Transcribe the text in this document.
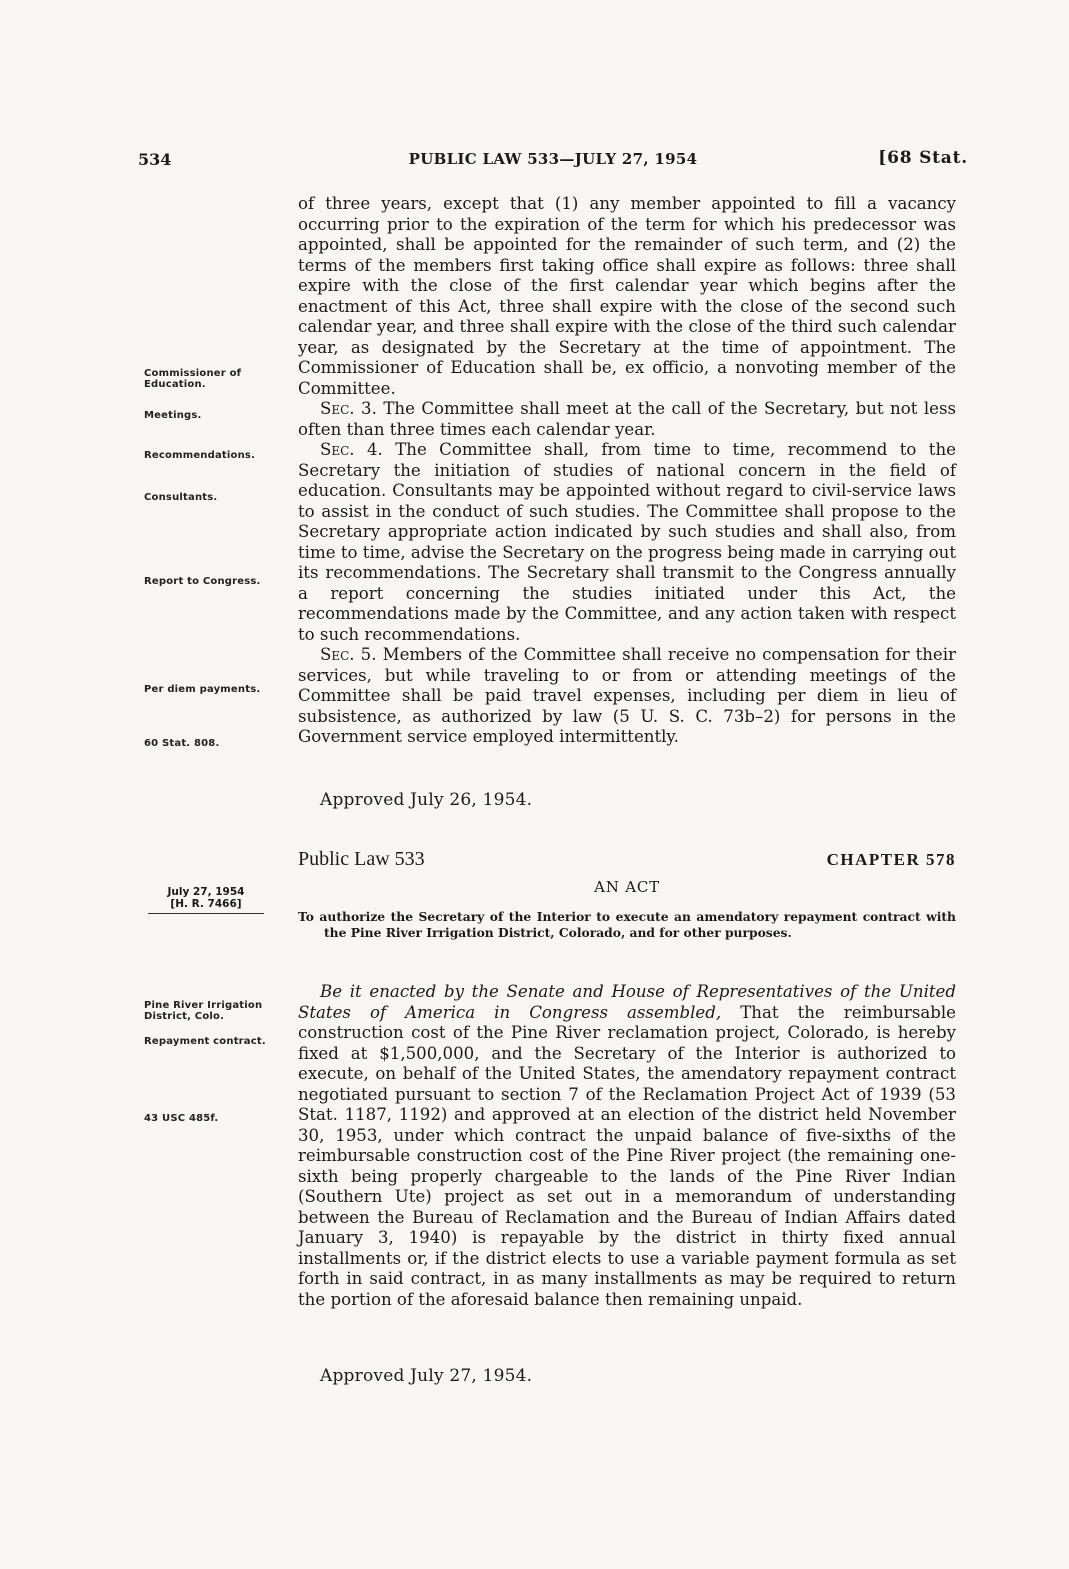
534	PUBLIC LAW 533—JULY 27, 1954	[68 Stat.

of three years, except that (1) any member appointed to fill a vacancy occurring prior to the expiration of the term for which his predecessor was appointed, shall be appointed for the remainder of such term, and (2) the terms of the members first taking office shall expire as follows: three shall expire with the close of the first calendar year which begins after the enactment of this Act, three shall expire with the close of the second such calendar year, and three shall expire with the close of the third such calendar year, as designated by the Secretary at the time of appointment. The Commissioner of Education shall be, ex officio, a nonvoting member of the Committee.

Sec. 3. The Committee shall meet at the call of the Secretary, but not less often than three times each calendar year.

Sec. 4. The Committee shall, from time to time, recommend to the Secretary the initiation of studies of national concern in the field of education. Consultants may be appointed without regard to civil-service laws to assist in the conduct of such studies. The Committee shall propose to the Secretary appropriate action indicated by such studies and shall also, from time to time, advise the Secretary on the progress being made in carrying out its recommendations. The Secretary shall transmit to the Congress annually a report concerning the studies initiated under this Act, the recommendations made by the Committee, and any action taken with respect to such recommendations.

Sec. 5. Members of the Committee shall receive no compensation for their services, but while traveling to or from or attending meetings of the Committee shall be paid travel expenses, including per diem in lieu of subsistence, as authorized by law (5 U. S. C. 73b–2) for persons in the Government service employed intermittently.

Approved July 26, 1954.
Commissioner of Education.
Meetings.
Recommendations.
Consultants.
Report to Congress.
Per diem payments.
60 Stat. 808.
Public Law 533	CHAPTER 578
AN ACT
To authorize the Secretary of the Interior to execute an amendatory repayment contract with the Pine River Irrigation District, Colorado, and for other purposes.
July 27, 1954
[H. R. 7466]
Pine River Irrigation District, Colo.
Repayment contract.
43 USC 485f.

Be it enacted by the Senate and House of Representatives of the United States of America in Congress assembled, That the reimbursable construction cost of the Pine River reclamation project, Colorado, is hereby fixed at $1,500,000, and the Secretary of the Interior is authorized to execute, on behalf of the United States, the amendatory repayment contract negotiated pursuant to section 7 of the Reclamation Project Act of 1939 (53 Stat. 1187, 1192) and approved at an election of the district held November 30, 1953, under which contract the unpaid balance of five-sixths of the reimbursable construction cost of the Pine River project (the remaining one-sixth being properly chargeable to the lands of the Pine River Indian (Southern Ute) project as set out in a memorandum of understanding between the Bureau of Reclamation and the Bureau of Indian Affairs dated January 3, 1940) is repayable by the district in thirty fixed annual installments or, if the district elects to use a variable payment formula as set forth in said contract, in as many installments as may be required to return the portion of the aforesaid balance then remaining unpaid.

Approved July 27, 1954.
